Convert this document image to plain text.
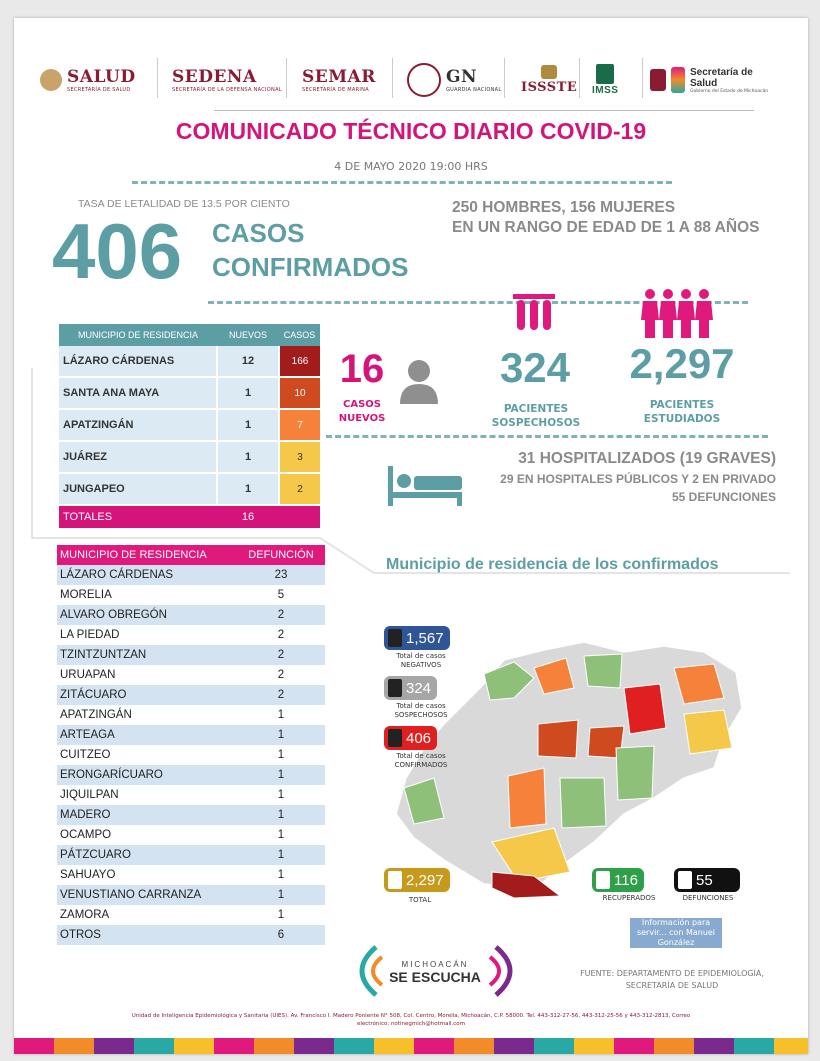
SALUD
SECRETARÍA DE SALUD
SEDENA
SECRETARÍA DE LA DEFENSA NACIONAL
SEMAR
SECRETARÍA DE MARINA
GN
GUARDIA NACIONAL ISSSTE IMSS
Secretaría de Salud
Gobierno del Estado de Michoacán
COMUNICADO TÉCNICO DIARIO COVID-19
4 DE MAYO 2020 19:00 HRS
TASA DE LETALIDAD DE 13.5 POR CIENTO
406 CASOS
CONFIRMADOS
250 HOMBRES, 156 MUJERES
EN UN RANGO DE EDAD DE 1 A 88 AÑOS
MUNICIPIO DE RESIDENCIA	NUEVOS	CASOS
LÁZARO CÁRDENAS	12	166
SANTA ANA MAYA	1	10
APATZINGÁN	1	7
JUÁREZ	1	3
JUNGAPEO	1	2
TOTALES	16	
16
CASOS
NUEVOS
324
PACIENTES
SOSPECHOSOS
2,297
PACIENTES
ESTUDIADOS
31 HOSPITALIZADOS (19 GRAVES)
29 EN HOSPITALES PÚBLICOS Y 2 EN PRIVADO
55 DEFUNCIONES
MUNICIPIO DE RESIDENCIA	DEFUNCIÓN
LÁZARO CÁRDENAS	23
MORELIA	5
ALVARO OBREGÓN	2
LA PIEDAD	2
TZINTZUNTZAN	2
URUAPAN	2
ZITÁCUARO	2
APATZINGÁN	1
ARTEAGA	1
CUITZEO	1
ERONGARÍCUARO	1
JIQUILPAN	1
MADERO	1
OCAMPO	1
PÁTZCUARO	1
SAHUAYO	1
VENUSTIANO CARRANZA	1
ZAMORA	1
OTROS	6
Municipio de residencia de los confirmados
1,567
Total de casos
NEGATIVOS
324
Total de casos
SOSPECHOSOS
406
Total de casos
CONFIRMADOS
2,297
TOTAL
116
RECUPERADOS
55
DEFUNCIONES
Información para
servir... con Manuel
González
MICHOACÁN
SE ESCUCHA	FUENTE: DEPARTAMENTO DE EPIDEMIOLOGÍA,
SECRETARÍA DE SALUD
Unidad de Inteligencia Epidemiológica y Sanitaria (UIES). Av. Francisco I. Madero Poniente N° 508, Col. Centro, Morelia, Michoacán, C.P. 58000. Tel. 443-312-27-56, 443-312-25-56 y 443-312-2813, Correo
electrónico: notinegmich@hotmail.com
